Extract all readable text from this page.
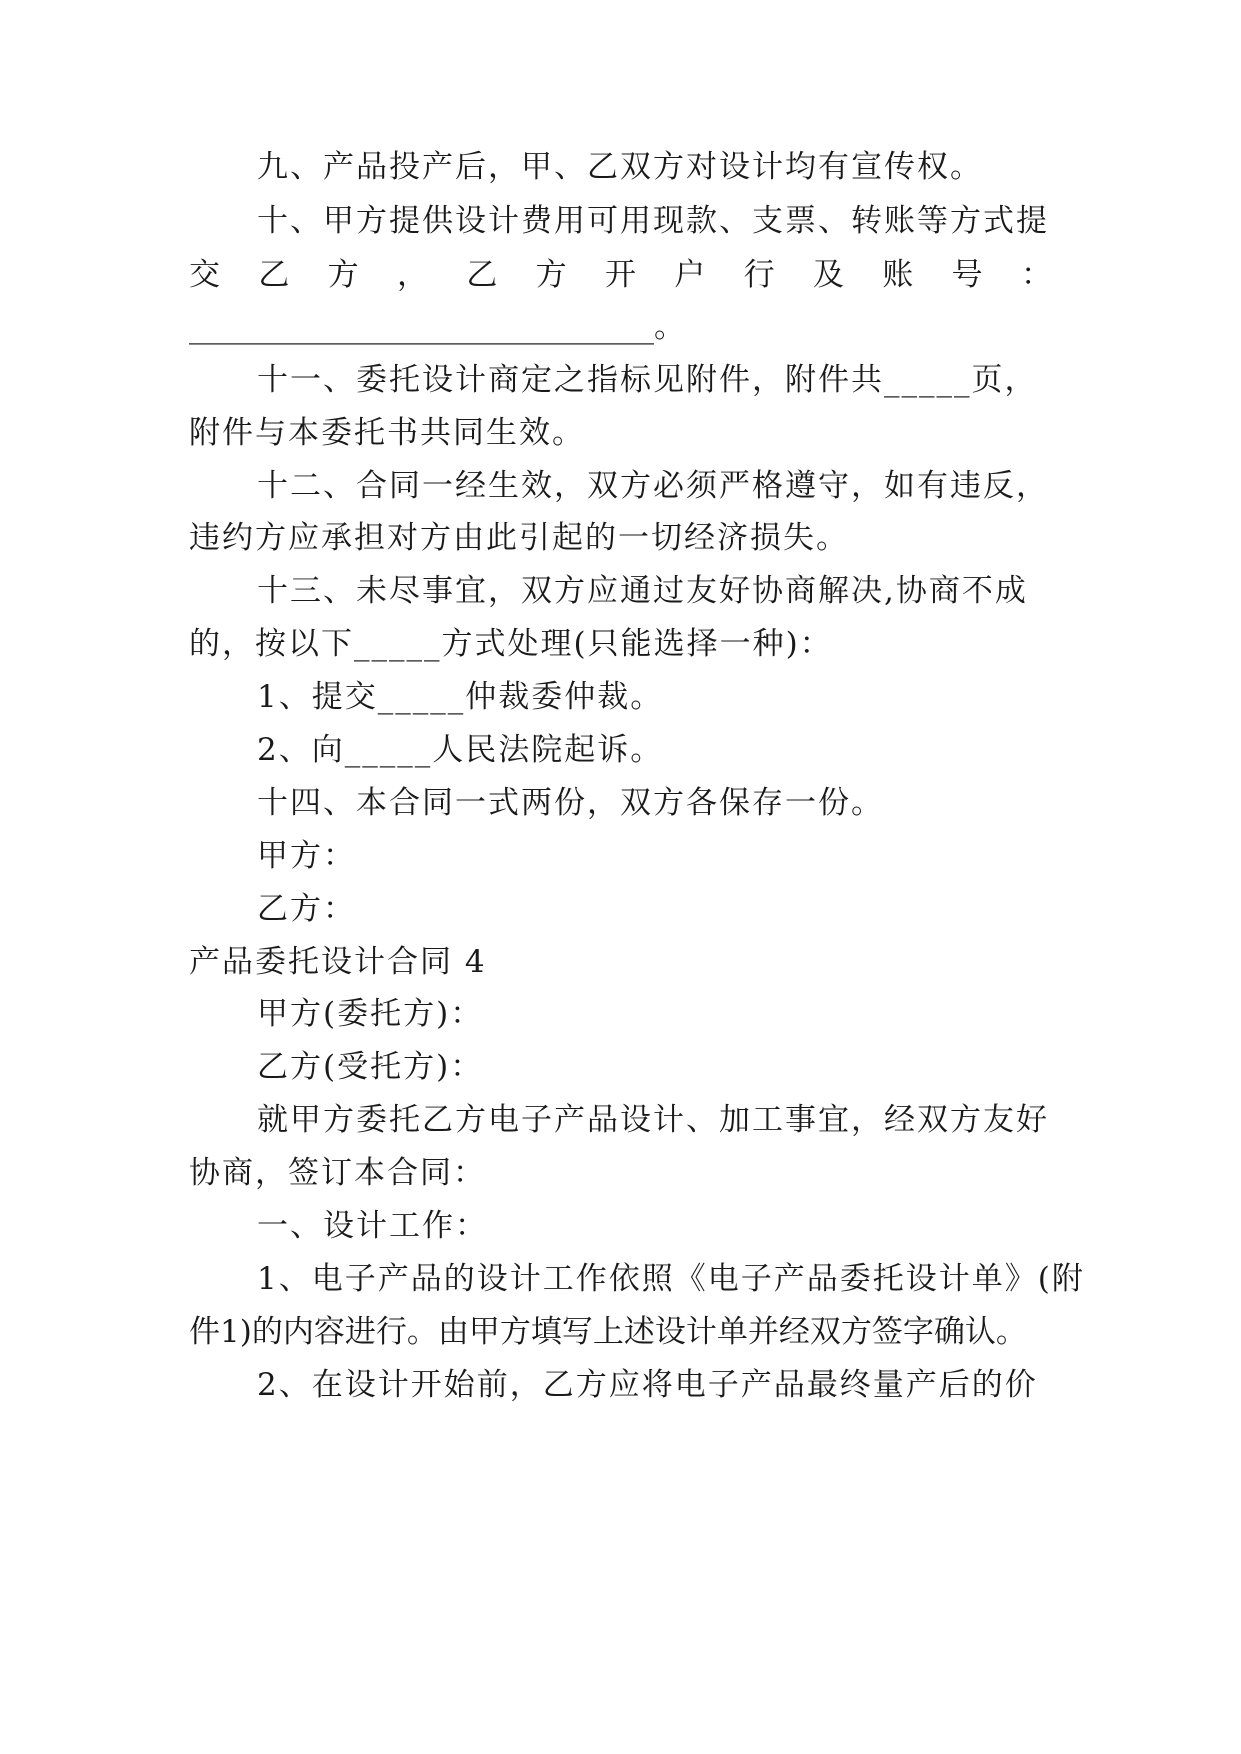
九、产品投产后，甲、乙双方对设计均有宣传权。
十、甲方提供设计费用可用现款、支票、转账等方式提
交 乙 方 ， 乙 方 开 户 行 及 账 号 ：
______________________________。
十一、委托设计商定之指标见附件，附件共_____页，
附件与本委托书共同生效。
十二、合同一经生效，双方必须严格遵守，如有违反，
违约方应承担对方由此引起的一切经济损失。
十三、未尽事宜，双方应通过友好协商解决,协商不成
的，按以下_____方式处理(只能选择一种)：
1、提交_____仲裁委仲裁。
2、向_____人民法院起诉。
十四、本合同一式两份，双方各保存一份。
甲方：
乙方：
产品委托设计合同 4
甲方(委托方)：
乙方(受托方)：
就甲方委托乙方电子产品设计、加工事宜，经双方友好
协商，签订本合同：
一、设计工作：
1、电子产品的设计工作依照《电子产品委托设计单》(附
件1)的内容进行。由甲方填写上述设计单并经双方签字确认。
2、在设计开始前，乙方应将电子产品最终量产后的价
